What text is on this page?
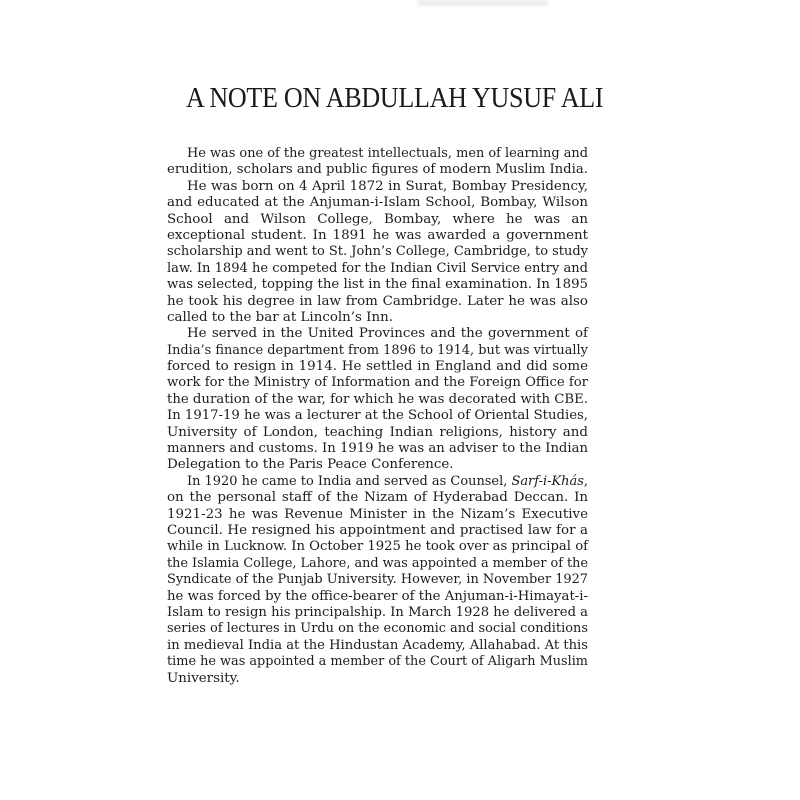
A NOTE ON ABDULLAH YUSUF ALI
He was one of the greatest intellectuals, men of learning and
erudition, scholars and public figures of modern Muslim India.
He was born on 4 April 1872 in Surat, Bombay Presidency,
and educated at the Anjuman-i-Islam School, Bombay, Wilson
School and Wilson College, Bombay, where he was an
exceptional student. In 1891 he was awarded a government
scholarship and went to St. John’s College, Cambridge, to study
law. In 1894 he competed for the Indian Civil Service entry and
was selected, topping the list in the final examination. In 1895
he took his degree in law from Cambridge. Later he was also
called to the bar at Lincoln’s Inn.
He served in the United Provinces and the government of
India’s finance department from 1896 to 1914, but was virtually
forced to resign in 1914. He settled in England and did some
work for the Ministry of Information and the Foreign Office for
the duration of the war, for which he was decorated with CBE.
In 1917-19 he was a lecturer at the School of Oriental Studies,
University of London, teaching Indian religions, history and
manners and customs. In 1919 he was an adviser to the Indian
Delegation to the Paris Peace Conference.
In 1920 he came to India and served as Counsel, Sarf-i-Khás,
on the personal staff of the Nizam of Hyderabad Deccan. In
1921-23 he was Revenue Minister in the Nizam’s Executive
Council. He resigned his appointment and practised law for a
while in Lucknow. In October 1925 he took over as principal of
the Islamia College, Lahore, and was appointed a member of the
Syndicate of the Punjab University. However, in November 1927
he was forced by the office-bearer of the Anjuman-i-Himayat-i-
Islam to resign his principalship. In March 1928 he delivered a
series of lectures in Urdu on the economic and social conditions
in medieval India at the Hindustan Academy, Allahabad. At this
time he was appointed a member of the Court of Aligarh Muslim
University.
